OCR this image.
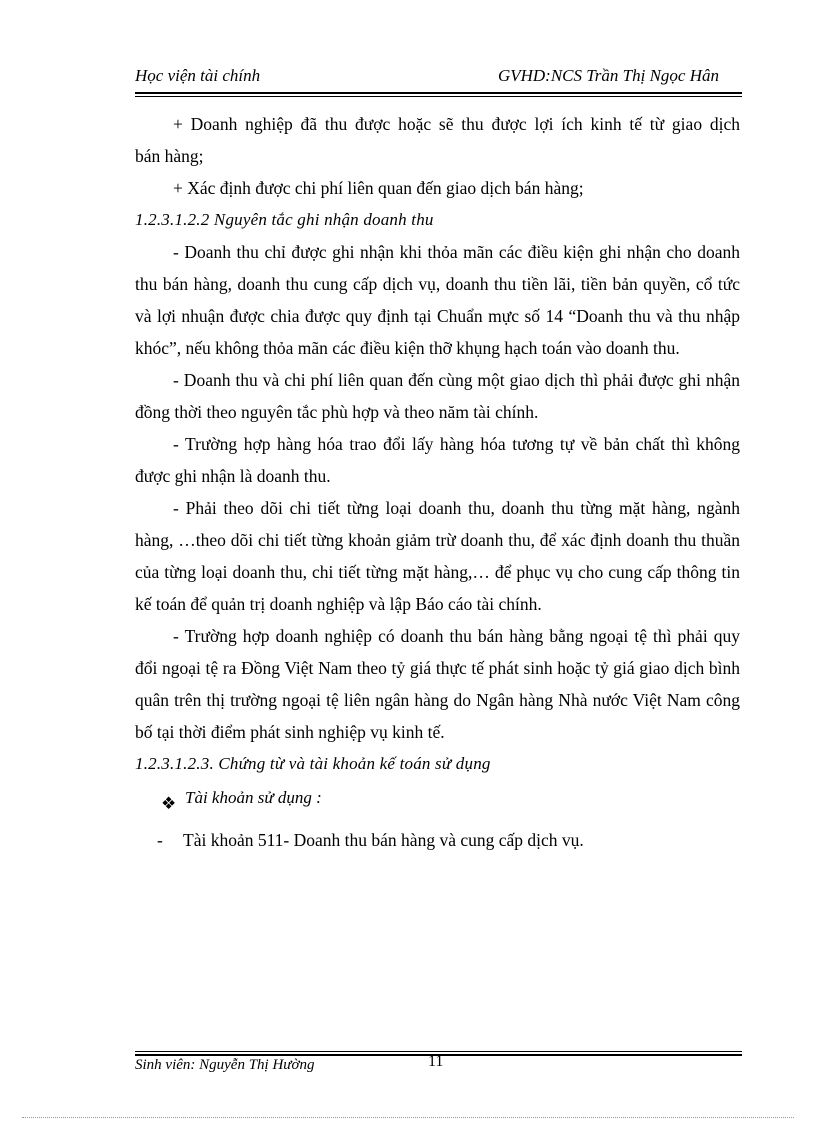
Học viện tài chính	GVHD:NCS Trần Thị Ngọc Hân

+ Doanh nghiệp đã thu được hoặc sẽ thu được lợi ích kinh tế từ giao dịch

bán hàng;

+ Xác định được chi phí liên quan đến giao dịch bán hàng;

1.2.3.1.2.2 Nguyên tắc ghi nhận doanh thu

- Doanh thu chỉ được ghi nhận khi thỏa mãn các điều kiện ghi nhận cho doanh thu bán hàng, doanh thu cung cấp dịch vụ, doanh thu tiền lãi, tiền bản quyền, cổ tức và lợi nhuận được chia được quy định tại Chuẩn mực số 14 “Doanh thu và thu nhập khóc”, nếu không thỏa mãn các điều kiện thỡ khụng hạch toán vào doanh thu.

- Doanh thu và chi phí liên quan đến cùng một giao dịch thì phải được ghi nhận đồng thời theo nguyên tắc phù hợp và theo năm tài chính.

- Trường hợp hàng hóa trao đổi lấy hàng hóa tương tự về bản chất thì không được ghi nhận là doanh thu.

- Phải theo dõi chi tiết từng loại doanh thu, doanh thu từng mặt hàng, ngành hàng, …theo dõi chi tiết từng khoản giảm trừ doanh thu, để xác định doanh thu thuần của từng loại doanh thu, chi tiết từng mặt hàng,… để phục vụ cho cung cấp thông tin kế toán để quản trị doanh nghiệp và lập Báo cáo tài chính.

- Trường hợp doanh nghiệp có doanh thu bán hàng bằng ngoại tệ thì phải quy đổi ngoại tệ ra Đồng Việt Nam theo tỷ giá thực tế phát sinh hoặc tỷ giá giao dịch bình quân trên thị trường ngoại tệ liên ngân hàng do Ngân hàng Nhà nước Việt Nam công bố tại thời điểm phát sinh nghiệp vụ kinh tế.

1.2.3.1.2.3. Chứng từ và tài khoản kế toán sử dụng

❖ Tài khoản sử dụng :
- Tài khoản 511- Doanh thu bán hàng và cung cấp dịch vụ.
Sinh viên: Nguyễn Thị Hường	11
